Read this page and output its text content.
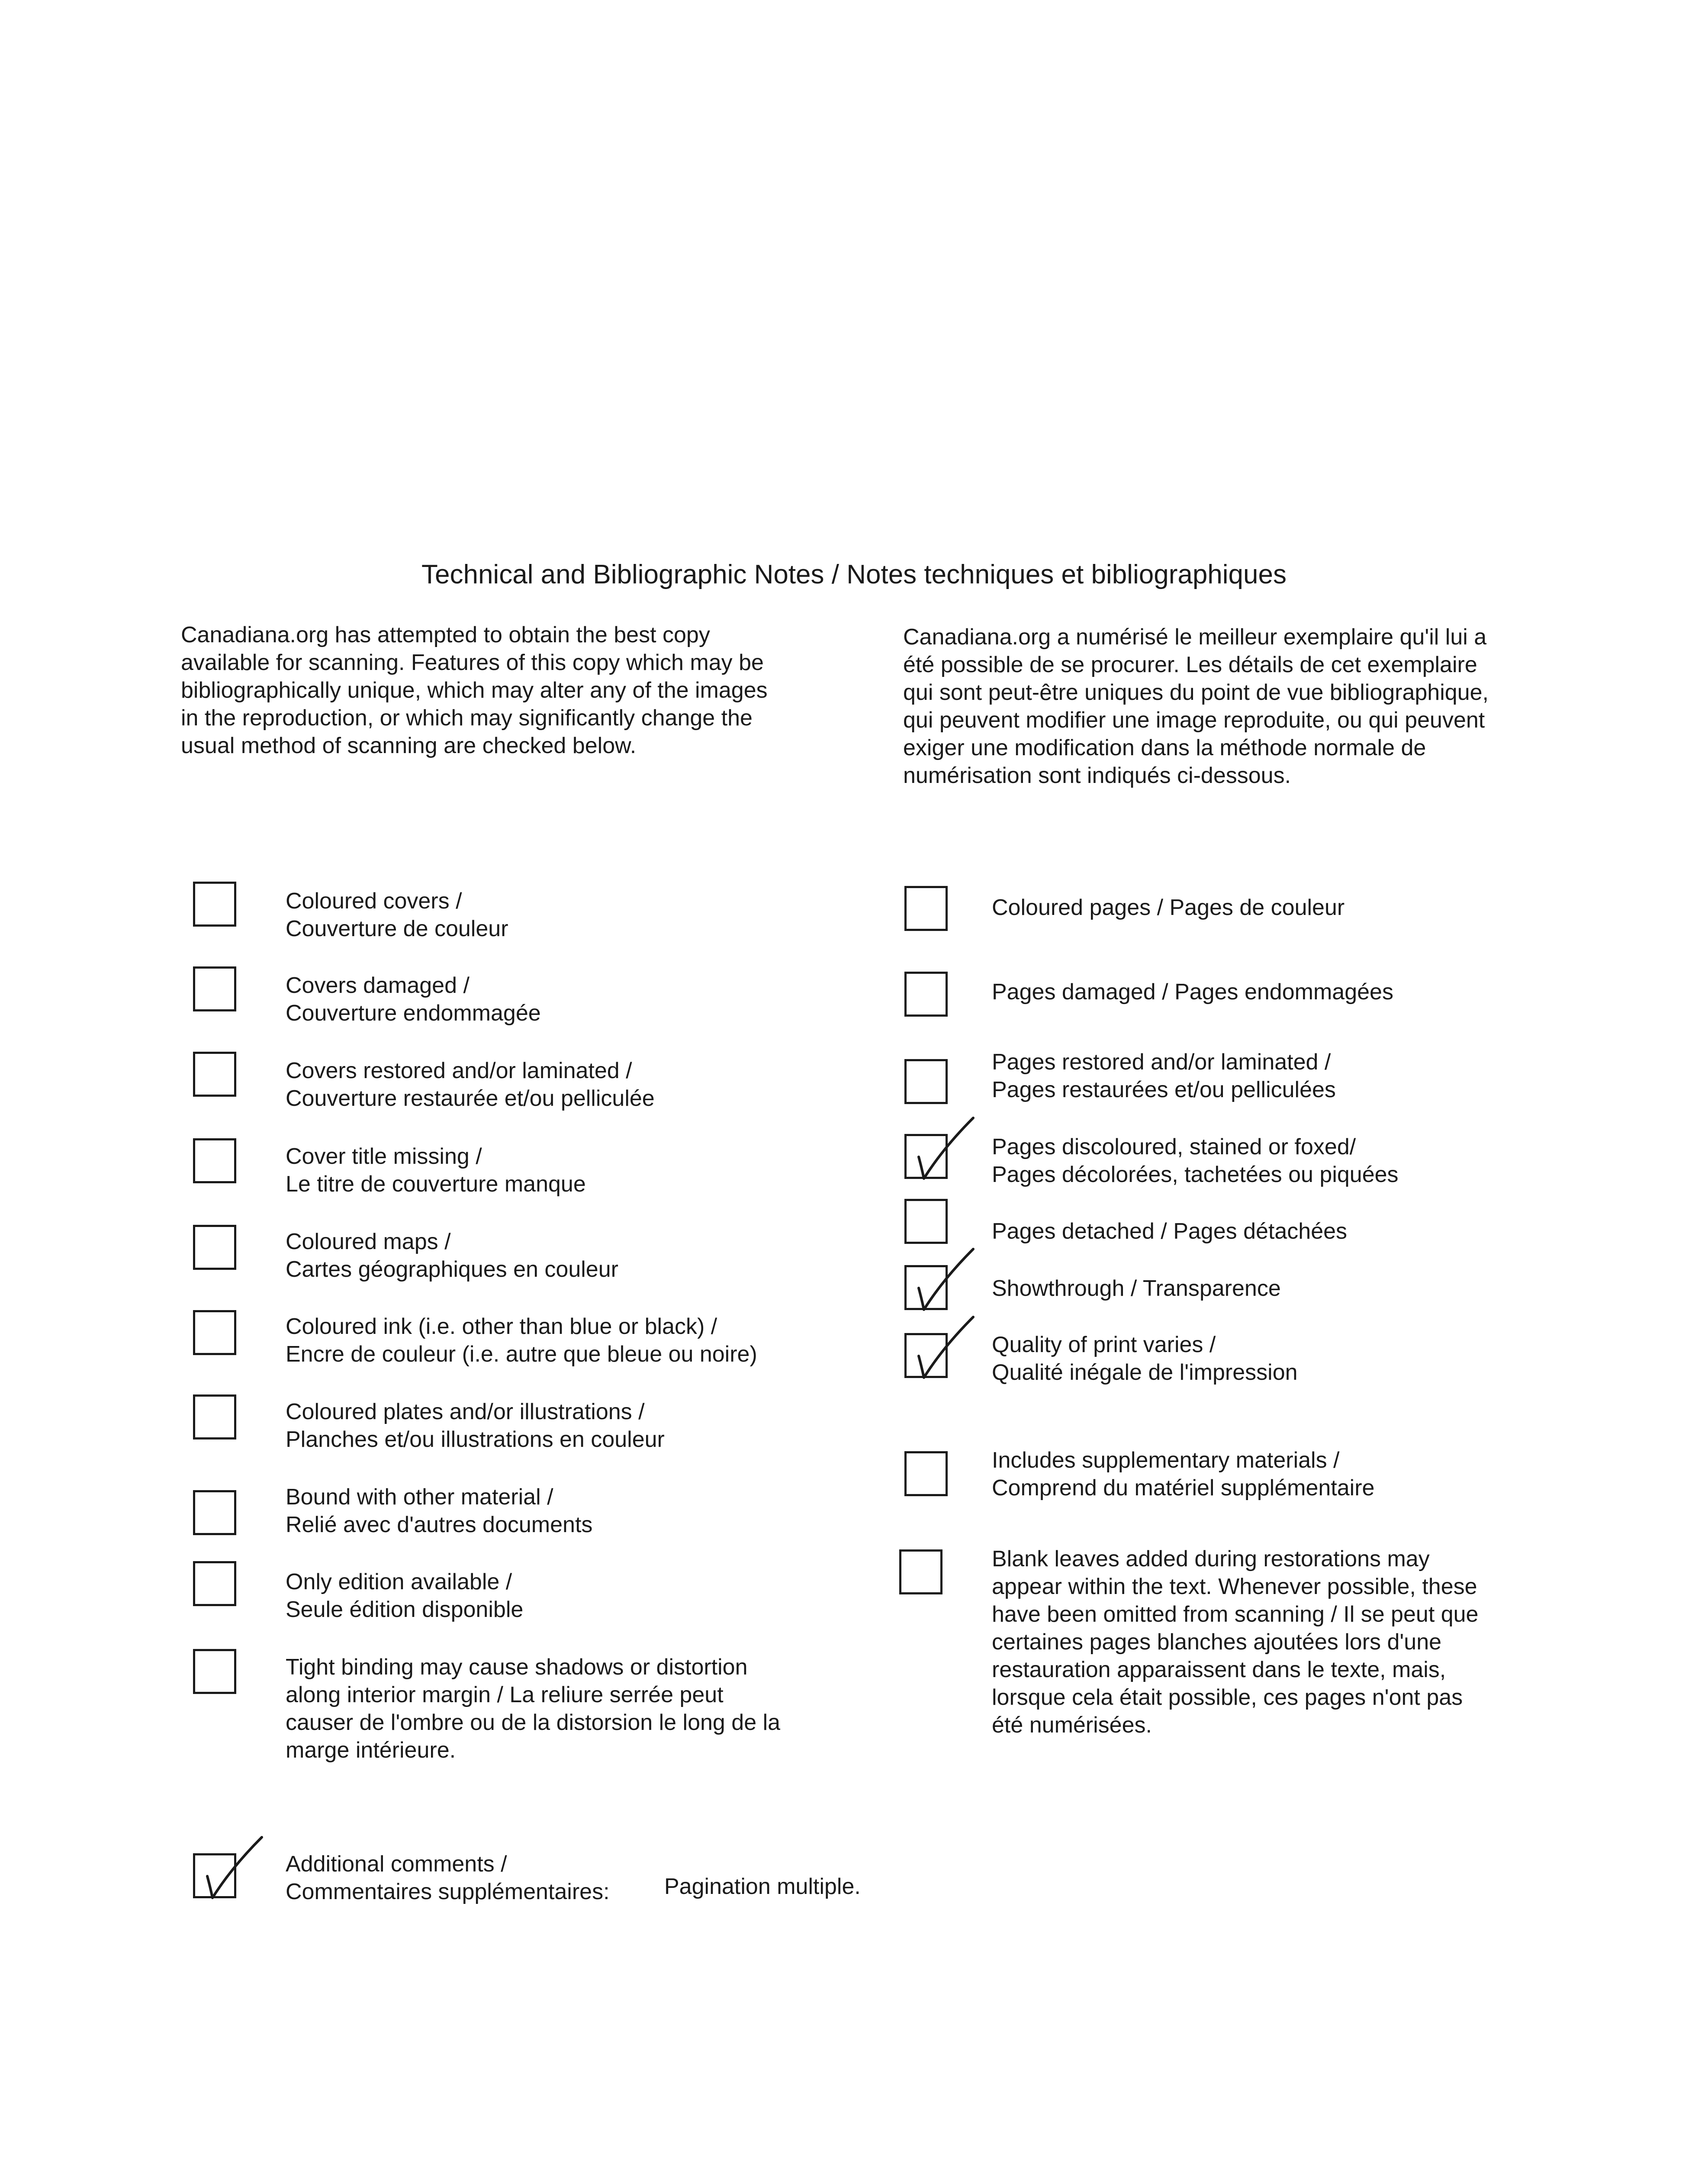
Technical and Bibliographic Notes / Notes techniques et bibliographiques
Canadiana.org has attempted to obtain the best copy
available for scanning. Features of this copy which may be
bibliographically unique, which may alter any of the images
in the reproduction, or which may significantly change the
usual method of scanning are checked below.
Canadiana.org a numérisé le meilleur exemplaire qu'il lui a
été possible de se procurer. Les détails de cet exemplaire
qui sont peut-être uniques du point de vue bibliographique,
qui peuvent modifier une image reproduite, ou qui peuvent
exiger une modification dans la méthode normale de
numérisation sont indiqués ci-dessous.
Coloured covers /
Couverture de couleur
Covers damaged /
Couverture endommagée
Covers restored and/or laminated /
Couverture restaurée et/ou pelliculée
Cover title missing /
Le titre de couverture manque
Coloured maps /
Cartes géographiques en couleur
Coloured ink (i.e. other than blue or black) /
Encre de couleur (i.e. autre que bleue ou noire)
Coloured plates and/or illustrations /
Planches et/ou illustrations en couleur
Bound with other material /
Relié avec d'autres documents
Only edition available /
Seule édition disponible
Tight binding may cause shadows or distortion
along interior margin / La reliure serrée peut
causer de l'ombre ou de la distorsion le long de la
marge intérieure.
Coloured pages / Pages de couleur
Pages damaged / Pages endommagées
Pages restored and/or laminated /
Pages restaurées et/ou pelliculées
Pages discoloured, stained or foxed/
Pages décolorées, tachetées ou piquées
Pages detached / Pages détachées
Showthrough / Transparence
Quality of print varies /
Qualité inégale de l'impression
Includes supplementary materials /
Comprend du matériel supplémentaire
Blank leaves added during restorations may
appear within the text. Whenever possible, these
have been omitted from scanning / Il se peut que
certaines pages blanches ajoutées lors d'une
restauration apparaissent dans le texte, mais,
lorsque cela était possible, ces pages n'ont pas
été numérisées.
Additional comments /
Commentaires supplémentaires: Pagination multiple.
